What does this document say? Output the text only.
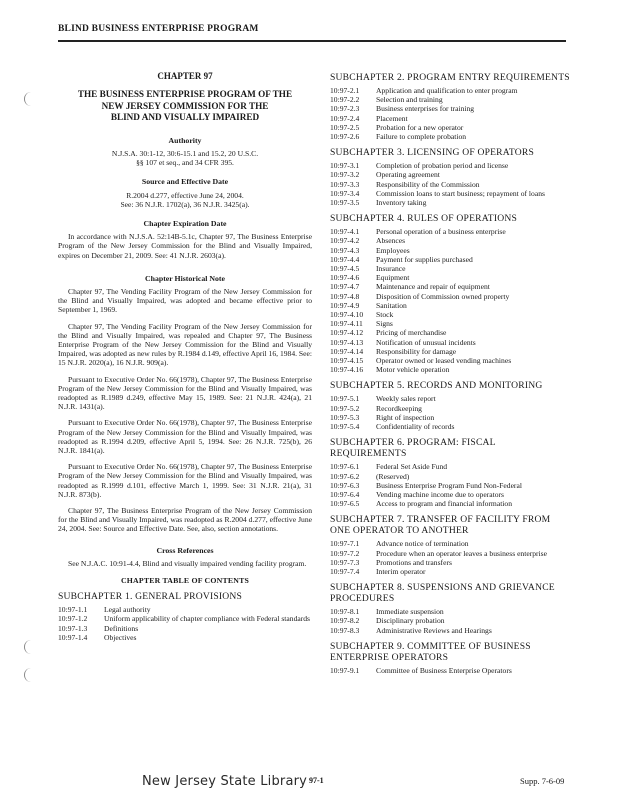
BLIND BUSINESS ENTERPRISE PROGRAM
CHAPTER 97
THE BUSINESS ENTERPRISE PROGRAM OF THE
NEW JERSEY COMMISSION FOR THE
BLIND AND VISUALLY IMPAIRED
Authority
N.J.S.A. 30:1-12, 30:6-15.1 and 15.2, 20 U.S.C.
§§ 107 et seq., and 34 CFR 395.
Source and Effective Date
R.2004 d.277, effective June 24, 2004.
See: 36 N.J.R. 1702(a), 36 N.J.R. 3425(a).
Chapter Expiration Date

In accordance with N.J.S.A. 52:14B-5.1c, Chapter 97, The Business Enterprise Program of the New Jersey Commission for the Blind and Visually Impaired, expires on December 21, 2009. See: 41 N.J.R. 2603(a).

Chapter Historical Note

Chapter 97, The Vending Facility Program of the New Jersey Commission for the Blind and Visually Impaired, was adopted and became effective prior to September 1, 1969.

Chapter 97, The Vending Facility Program of the New Jersey Commission for the Blind and Visually Impaired, was repealed and Chapter 97, The Business Enterprise Program of the New Jersey Commission for the Blind and Visually Impaired, was adopted as new rules by R.1984 d.149, effective April 16, 1984. See: 15 N.J.R. 2020(a), 16 N.J.R. 909(a).

Pursuant to Executive Order No. 66(1978), Chapter 97, The Business Enterprise Program of the New Jersey Commission for the Blind and Visually Impaired, was readopted as R.1989 d.249, effective May 15, 1989. See: 21 N.J.R. 424(a), 21 N.J.R. 1431(a).

Pursuant to Executive Order No. 66(1978), Chapter 97, The Business Enterprise Program of the New Jersey Commission for the Blind and Visually Impaired, was readopted as R.1994 d.209, effective April 5, 1994. See: 26 N.J.R. 725(b), 26 N.J.R. 1841(a).

Pursuant to Executive Order No. 66(1978), Chapter 97, The Business Enterprise Program of the New Jersey Commission for the Blind and Visually Impaired, was readopted as R.1999 d.101, effective March 1, 1999. See: 31 N.J.R. 21(a), 31 N.J.R. 873(b).

Chapter 97, The Business Enterprise Program of the New Jersey Commission for the Blind and Visually Impaired, was readopted as R.2004 d.277, effective June 24, 2004. See: Source and Effective Date. See, also, section annotations.

Cross References

See N.J.A.C. 10:91-4.4, Blind and visually impaired vending facility program.

CHAPTER TABLE OF CONTENTS
SUBCHAPTER 1. GENERAL PROVISIONS
10:97-1.1	Legal authority
10:97-1.2	Uniform applicability of chapter compliance with Federal standards
10:97-1.3	Definitions
10:97-1.4	Objectives
SUBCHAPTER 2. PROGRAM ENTRY REQUIREMENTS
10:97-2.1	Application and qualification to enter program
10:97-2.2	Selection and training
10:97-2.3	Business enterprises for training
10:97-2.4	Placement
10:97-2.5	Probation for a new operator
10:97-2.6	Failure to complete probation
SUBCHAPTER 3. LICENSING OF OPERATORS
10:97-3.1	Completion of probation period and license
10:97-3.2	Operating agreement
10:97-3.3	Responsibility of the Commission
10:97-3.4	Commission loans to start business; repayment of loans
10:97-3.5	Inventory taking
SUBCHAPTER 4. RULES OF OPERATIONS
10:97-4.1	Personal operation of a business enterprise
10:97-4.2	Absences
10:97-4.3	Employees
10:97-4.4	Payment for supplies purchased
10:97-4.5	Insurance
10:97-4.6	Equipment
10:97-4.7	Maintenance and repair of equipment
10:97-4.8	Disposition of Commission owned property
10:97-4.9	Sanitation
10:97-4.10	Stock
10:97-4.11	Signs
10:97-4.12	Pricing of merchandise
10:97-4.13	Notification of unusual incidents
10:97-4.14	Responsibility for damage
10:97-4.15	Operator owned or leased vending machines
10:97-4.16	Motor vehicle operation
SUBCHAPTER 5. RECORDS AND MONITORING
10:97-5.1	Weekly sales report
10:97-5.2	Recordkeeping
10:97-5.3	Right of inspection
10:97-5.4	Confidentiality of records
SUBCHAPTER 6. PROGRAM: FISCAL REQUIREMENTS
10:97-6.1	Federal Set Aside Fund
10:97-6.2	(Reserved)
10:97-6.3	Business Enterprise Program Fund Non-Federal
10:97-6.4	Vending machine income due to operators
10:97-6.5	Access to program and financial information
SUBCHAPTER 7. TRANSFER OF FACILITY FROM ONE OPERATOR TO ANOTHER
10:97-7.1	Advance notice of termination
10:97-7.2	Procedure when an operator leaves a business enterprise
10:97-7.3	Promotions and transfers
10:97-7.4	Interim operator
SUBCHAPTER 8. SUSPENSIONS AND GRIEVANCE PROCEDURES
10:97-8.1	Immediate suspension
10:97-8.2	Disciplinary probation
10:97-8.3	Administrative Reviews and Hearings
SUBCHAPTER 9. COMMITTEE OF BUSINESS ENTERPRISE OPERATORS
10:97-9.1	Committee of Business Enterprise Operators
New Jersey State Library 97-1	Supp. 7-6-09
